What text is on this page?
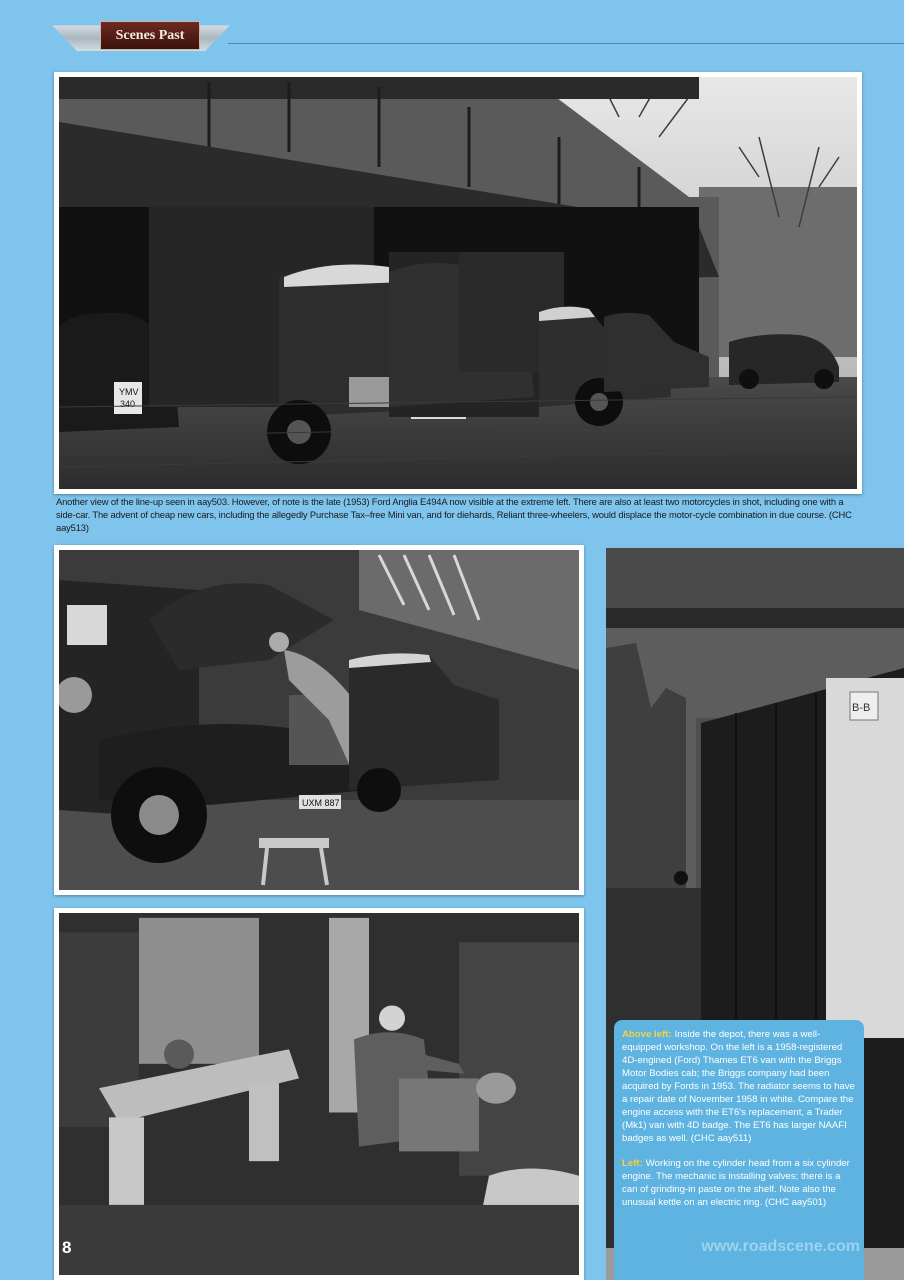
Scenes Past
YMV
340
Another view of the line-up seen in aay503. However, of note is the late (1953) Ford Anglia E494A now visible at the extreme left. There are also at least two motorcycles in shot, including one with a side-car. The advent of cheap new cars, including the allegedly Purchase Tax–free Mini van, and for diehards, Reliant three-wheelers, would displace the motor-cycle combination in due course. (CHC aay513)
UXM 887
B-B

Above left: Inside the depot, there was a well-equipped workshop. On the left is a 1958-registered 4D-engined (Ford) Thames ET6 van with the Briggs Motor Bodies cab; the Briggs company had been acquired by Fords in 1953. The radiator seems to have a repair date of November 1958 in white. Compare the engine access with the ET6's replacement, a Trader (Mk1) van with 4D badge. The ET6 has larger NAAFI badges as well. (CHC aay511)

Left: Working on the cylinder head from a six cylinder engine. The mechanic is installing valves; there is a can of grinding-in paste on the shelf. Note also the unusual kettle on an electric ring. (CHC aay501)

8	www.roadscene.com
